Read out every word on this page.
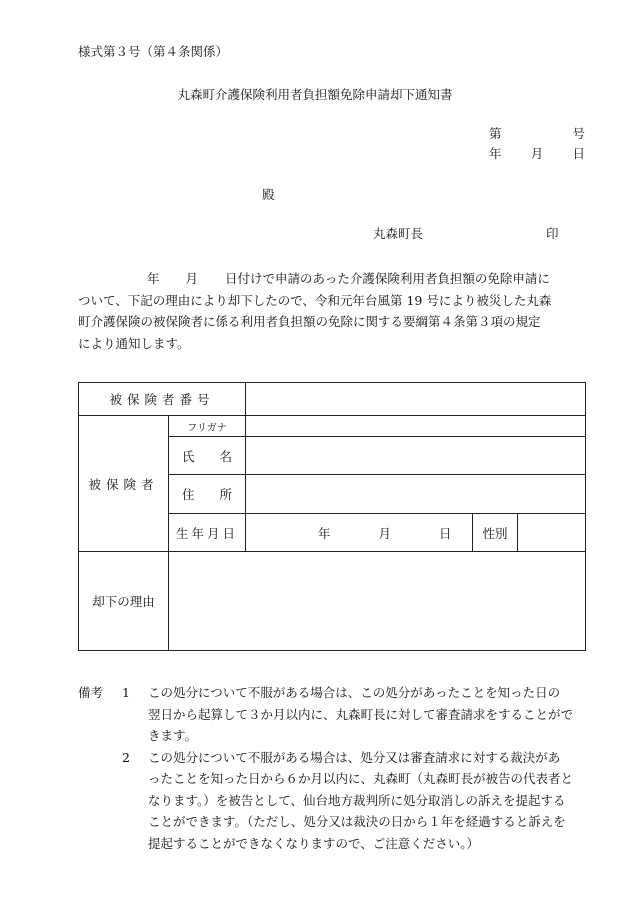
様式第３号（第４条関係）
丸森町介護保険利用者負担額免除申請却下通知書
第	号
年 月 日
殿
丸森町長	印
年 月 日付けで申請のあった介護保険利用者負担額の免除申請に
ついて、下記の理由により却下したので、令和元年台風第 19 号により被災した丸森
町介護保険の被保険者に係る利用者負担額の免除に関する要綱第４条第３項の規定
により通知します。
被保険者番号				
被保険者	フリガナ			

	氏 名			

	住 所			

	生年月日	年 月 日	性別	
却下の理由				
備考 1 この処分について不服がある場合は、この処分があったことを知った日の
翌日から起算して３か月以内に、丸森町長に対して審査請求をすることがで
きます。
2 この処分について不服がある場合は、処分又は審査請求に対する裁決があ
ったことを知った日から６か月以内に、丸森町（丸森町長が被告の代表者と
なります。）を被告として、仙台地方裁判所に処分取消しの訴えを提起する
ことができます。（ただし、処分又は裁決の日から１年を経過すると訴えを
提起することができなくなりますので、ご注意ください。）
